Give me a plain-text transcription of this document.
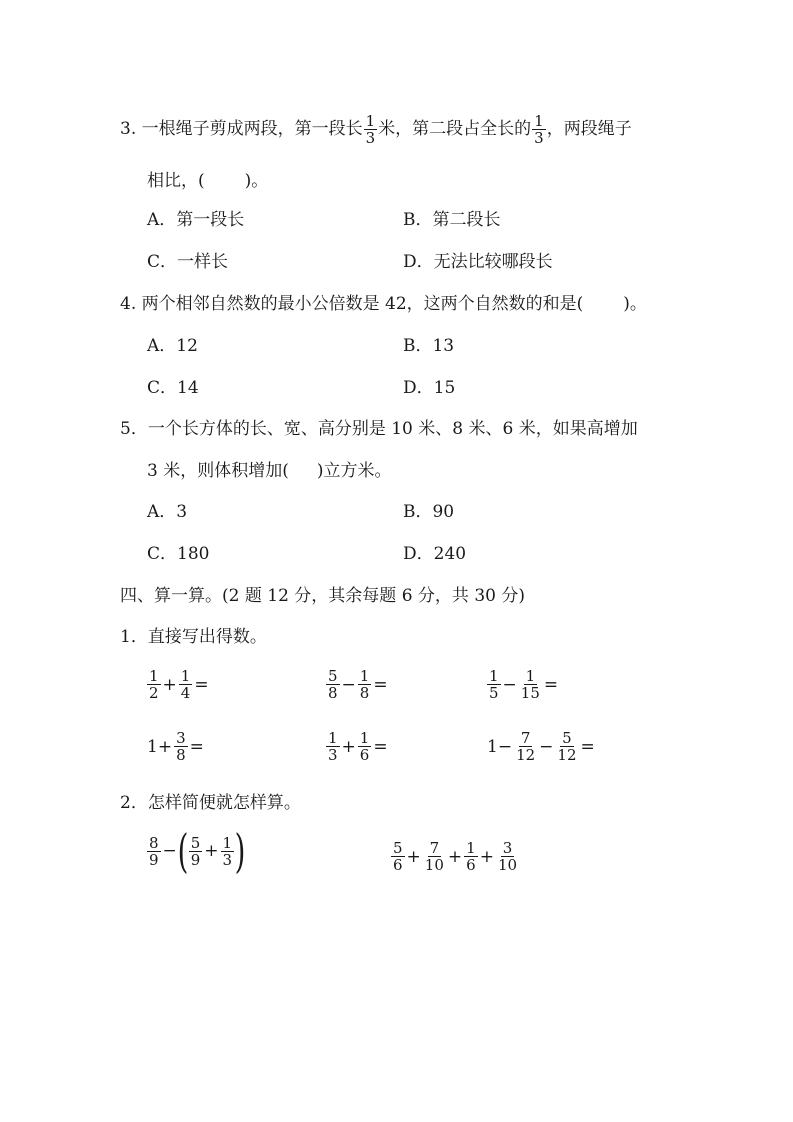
3. 一根绳子剪成两段，第一段长 $\frac{1}{3}$ 米，第二段占全长的 $\frac{1}{3}$ ，两段绳子
相比，( )。
A．第一段长	B．第二段长
C．一样长	D．无法比较哪段长
4. 两个相邻自然数的最小公倍数是 42，这两个自然数的和是( )。
A．12	B．13
C．14	D．15
5．一个长方体的长、宽、高分别是 10 米、8 米、6 米，如果高增加
3 米，则体积增加( )立方米。
A．3	B．90
C．180	D．240
四、算一算。(2 题 12 分，其余每题 6 分，共 30 分)
1．直接写出得数。
$\frac{1}{2} + \frac{1}{4}$ =	$\frac{5}{8} - \frac{1}{8}$ =	$\frac{1}{5} - \frac{1}{15}$ =
$1+ \frac{3}{8}$ =	$\frac{1}{3} + \frac{1}{6}$ =	$1- \frac{7}{12} - \frac{5}{12}$ =
2．怎样简便就怎样算。
$\frac{8}{9}$ − ( $\frac{5}{9} + \frac{1}{3}$ )	$\frac{5}{6} + \frac{7}{10} + \frac{1}{6} + \frac{3}{10}$
